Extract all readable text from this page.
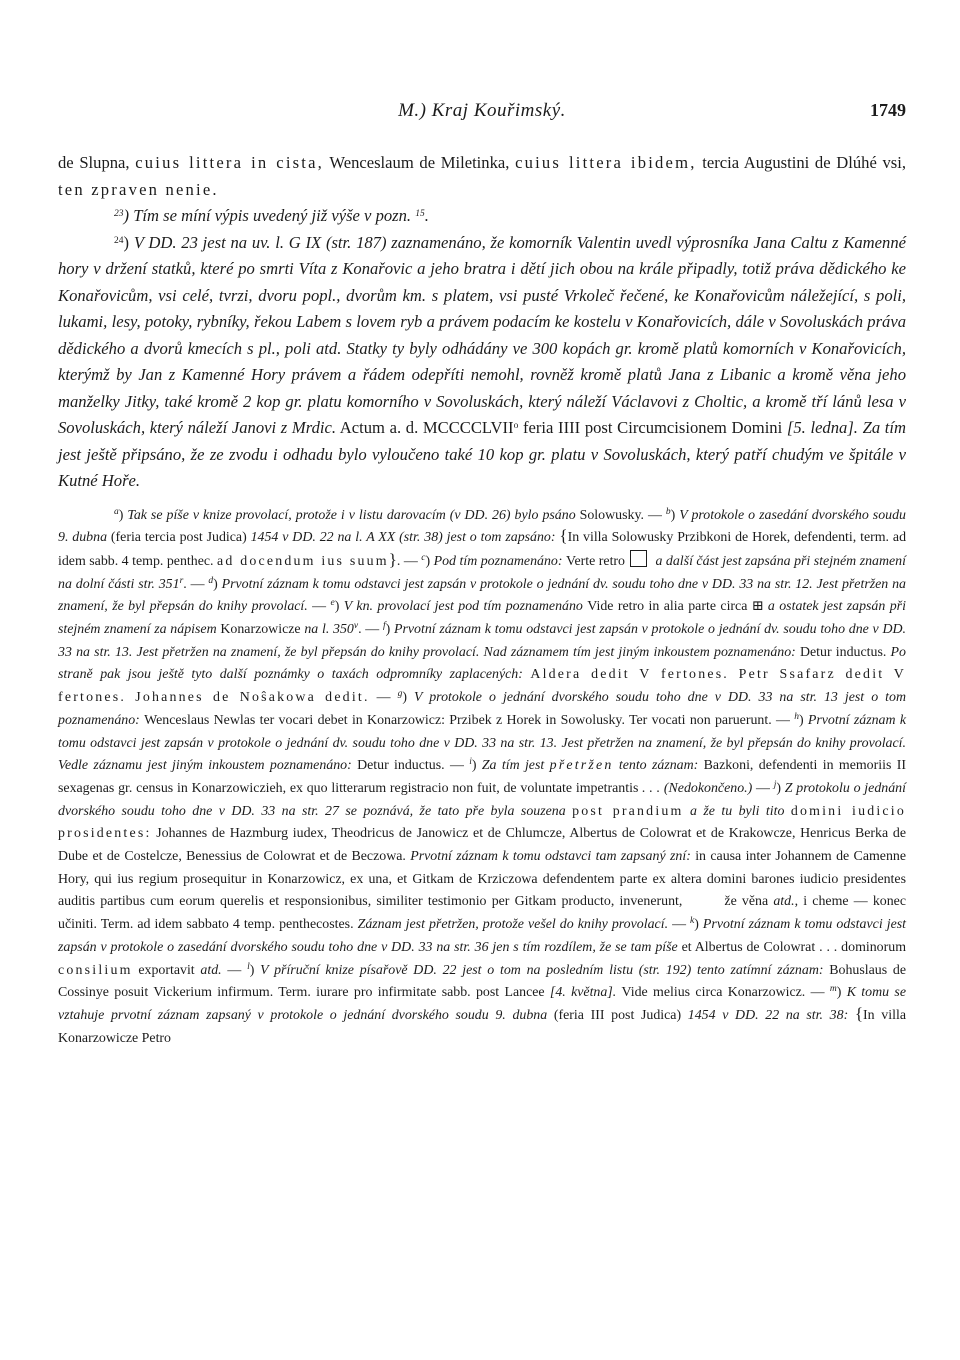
M.) Kraj Kouřimský.	1749

de Slupna, cuius littera in cista, Wenceslaum de Miletinka, cuius littera ibidem, tercia Augustini de Dlúhé vsi, ten zpraven nenie.

$^{23}$) Tím se míní výpis uvedený již výše v pozn. $^{15}$.

$^{24}$) V DD. 23 jest na uv. l. G IX (str. 187) zaznamenáno, že komorník Valentin uvedl výprosníka Jana Caltu z Kamenné hory v držení statků, které po smrti Víta z Konařovic a jeho bratra i dětí jich obou na krále připadly, totiž práva dědického ke Konařovicům, vsi celé, tvrzi, dvoru popl., dvorům km. s platem, vsi pusté Vrkoleč řečené, ke Konařovicům náležející, s poli, lukami, lesy, potoky, rybníky, řekou Labem s lovem ryb a právem podacím ke kostelu v Konařovicích, dále v Sovoluskách práva dědického a dvorů kmecích s pl., poli atd. Statky ty byly odhádány ve 300 kopách gr. kromě platů komorních v Konařovicích, kterýmž by Jan z Kamenné Hory právem a řádem odepříti nemohl, rovněž kromě platů Jana z Libanic a kromě věna jeho manželky Jitky, také kromě 2 kop gr. platu komorního v Sovoluskách, který náleží Václavovi z Choltic, a kromě tří lánů lesa v Sovoluskách, který náleží Janovi z Mrdic. Actum a. d. MCCCCLVII$^o$ feria IIII post Circumcisionem Domini [5. ledna]. Za tím jest ještě připsáno, že ze zvodu i odhadu bylo vyloučeno také 10 kop gr. platu v Sovoluskách, který patří chudým ve špitále v Kutné Hoře.

$^a$) Tak se píše v knize provolací, protože i v listu darovacím (v DD. 26) bylo psáno Solowusky. — $^b$) V protokole o zasedání dvorského soudu 9. dubna (feria tercia post Judica) 1454 v DD. 22 na l. A XX (str. 38) jest o tom zapsáno: {In villa Solowusky Przibkoni de Horek, defendenti, term. ad idem sabb. 4 temp. penthec. ad docendum ius suum}. — $^c$) Pod tím poznamenáno: Verte retro a další část jest zapsána při stejném znamení na dolní části str. 351$^r$. — $^d$) Prvotní záznam k tomu odstavci jest zapsán v protokole o jednání dv. soudu toho dne v DD. 33 na str. 12. Jest přetržen na znamení, že byl přepsán do knihy provolací. — $^e$) V kn. provolací jest pod tím poznamenáno Vide retro in alia parte circa ⊞ a ostatek jest zapsán při stejném znamení za nápisem Konarzowicze na l. 350$^v$. — $^f$) Prvotní záznam k tomu odstavci jest zapsán v protokole o jednání dv. soudu toho dne v DD. 33 na str. 13. Jest přetržen na znamení, že byl přepsán do knihy provolací. Nad záznamem tím jest jiným inkoustem poznamenáno: Detur inductus. Po straně pak jsou ještě tyto další poznámky o taxách odpromníky zaplacených: Aldera dedit V fertones. Petr Ssafarz dedit V fertones. Johannes de Noŝakowa dedit. — $^g$) V protokole o jednání dvorského soudu toho dne v DD. 33 na str. 13 jest o tom poznamenáno: Wenceslaus Newlas ter vocari debet in Konarzowicz: Przibek z Horek in Sowolusky. Ter vocati non paruerunt. — $^h$) Prvotní záznam k tomu odstavci jest zapsán v protokole o jednání dv. soudu toho dne v DD. 33 na str. 13. Jest přetržen na znamení, že byl přepsán do knihy provolací. Vedle záznamu jest jiným inkoustem poznamenáno: Detur inductus. — $^i$) Za tím jest přetržen tento záznam: Bazkoni, defendenti in memoriis II sexagenas gr. census in Konarzowiczieh, ex quo litterarum registracio non fuit, de voluntate impetrantis . . . (Nedokončeno.) — $^j$) Z protokolu o jednání dvorského soudu toho dne v DD. 33 na str. 27 se poznává, že tato pře byla souzena post prandium a že tu byli tito domini iudicio prosidentes: Johannes de Hazmburg iudex, Theodricus de Janowicz et de Chlumcze, Albertus de Colowrat et de Krakowcze, Henricus Berka de Dube et de Costelcze, Benessius de Colowrat et de Beczowa. Prvotní záznam k tomu odstavci tam zapsaný zní: in causa inter Johannem de Camenne Hory, qui ius regium prosequitur in Konarzowicz, ex una, et Gitkam de Krziczowa defendentem parte ex altera domini barones iudicio presidentes auditis partibus cum eorum querelis et responsionibus, similiter testimonio per Gitkam producto, invenerunt,	že věna atd., i cheme — konec učiniti. Term. ad idem sabbato 4 temp. penthecostes. Záznam jest přetržen, protože vešel do knihy provolací. — $^k$) Prvotní záznam k tomu odstavci jest zapsán v protokole o zasedání dvorského soudu toho dne v DD. 33 na str. 36 jen s tím rozdílem, že se tam píše et Albertus de Colowrat . . . dominorum consilium exportavit atd. — $^l$) V příruční knize písařově DD. 22 jest o tom na posledním listu (str. 192) tento zatímní záznam: Bohuslaus de Cossinye posuit Vickerium infirmum. Term. iurare pro infirmitate sabb. post Lancee [4. května]. Vide melius circa Konarzowicz. — $^m$) K tomu se vztahuje prvotní záznam zapsaný v protokole o jednání dvorského soudu 9. dubna (feria III post Judica) 1454 v DD. 22 na str. 38: {In villa Konarzowicze Petro
